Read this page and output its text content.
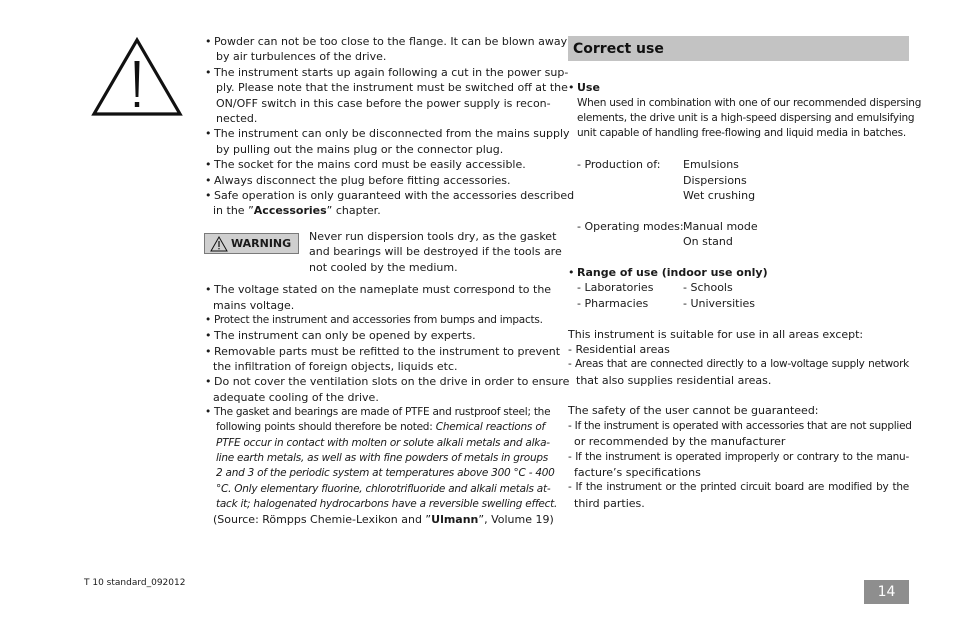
• Powder can not be too close to the flange. It can be blown away
by air turbulences of the drive.
• The instrument starts up again following a cut in the power sup-
ply. Please note that the instrument must be switched off at the
ON/OFF switch in this case before the power supply is recon-
nected.
• The instrument can only be disconnected from the mains supply
by pulling out the mains plug or the connector plug.
• The socket for the mains cord must be easily accessible.
• Always disconnect the plug before fitting accessories.
• Safe operation is only guaranteed with the accessories described
in the ”Accessories” chapter.
WARNING
Never run dispersion tools dry, as the gasket
and bearings will be destroyed if the tools are
not cooled by the medium.
• The voltage stated on the nameplate must correspond to the
mains voltage.
• Protect the instrument and accessories from bumps and impacts.
• The instrument can only be opened by experts.
• Removable parts must be refitted to the instrument to prevent
the infiltration of foreign objects, liquids etc.
• Do not cover the ventilation slots on the drive in order to ensure
adequate cooling of the drive.
• The gasket and bearings are made of PTFE and rustproof steel; the
following points should therefore be noted: Chemical reactions of
PTFE occur in contact with molten or solute alkali metals and alka-
line earth metals, as well as with fine powders of metals in groups
2 and 3 of the periodic system at temperatures above 300 °C - 400
°C. Only elementary fluorine, chlorotrifluoride and alkali metals at-
tack it; halogenated hydrocarbons have a reversible swelling effect.
(Source: Römpps Chemie-Lexikon and ”Ulmann”, Volume 19)
Correct use
• Use
When used in combination with one of our recommended dispersing
elements, the drive unit is a high-speed dispersing and emulsifying
unit capable of handling free-flowing and liquid media in batches.
- Production of: Emulsions
Dispersions
Wet crushing
- Operating modes: Manual mode
On stand
• Range of use (indoor use only)
- Laboratories	- Schools
- Pharmacies	- Universities
This instrument is suitable for use in all areas except:
- Residential areas
- Areas that are connected directly to a low-voltage supply network
that also supplies residential areas.
The safety of the user cannot be guaranteed:
- If the instrument is operated with accessories that are not supplied
or recommended by the manufacturer
- If the instrument is operated improperly or contrary to the manu-
facture’s specifications
- If the instrument or the printed circuit board are modified by the
third parties.
T 10 standard_092012
14
